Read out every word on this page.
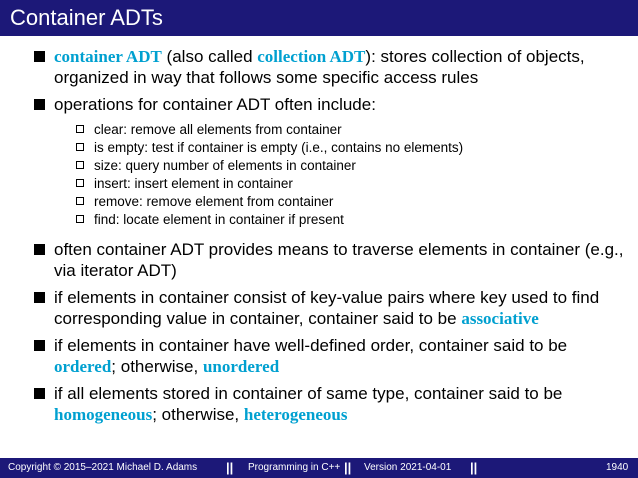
Container ADTs
container ADT (also called collection ADT): stores collection of objects, organized in way that follows some specific access rules
operations for container ADT often include:
clear: remove all elements from container
is empty: test if container is empty (i.e., contains no elements)
size: query number of elements in container
insert: insert element in container
remove: remove element from container
find: locate element in container if present
often container ADT provides means to traverse elements in container (e.g., via iterator ADT)
if elements in container consist of key-value pairs where key used to find corresponding value in container, container said to be associative
if elements in container have well-defined order, container said to be ordered; otherwise, unordered
if all elements stored in container of same type, container said to be homogeneous; otherwise, heterogeneous
Copyright © 2015–2021 Michael D. Adams || Programming in C++ || Version 2021-04-01 ||	1940
